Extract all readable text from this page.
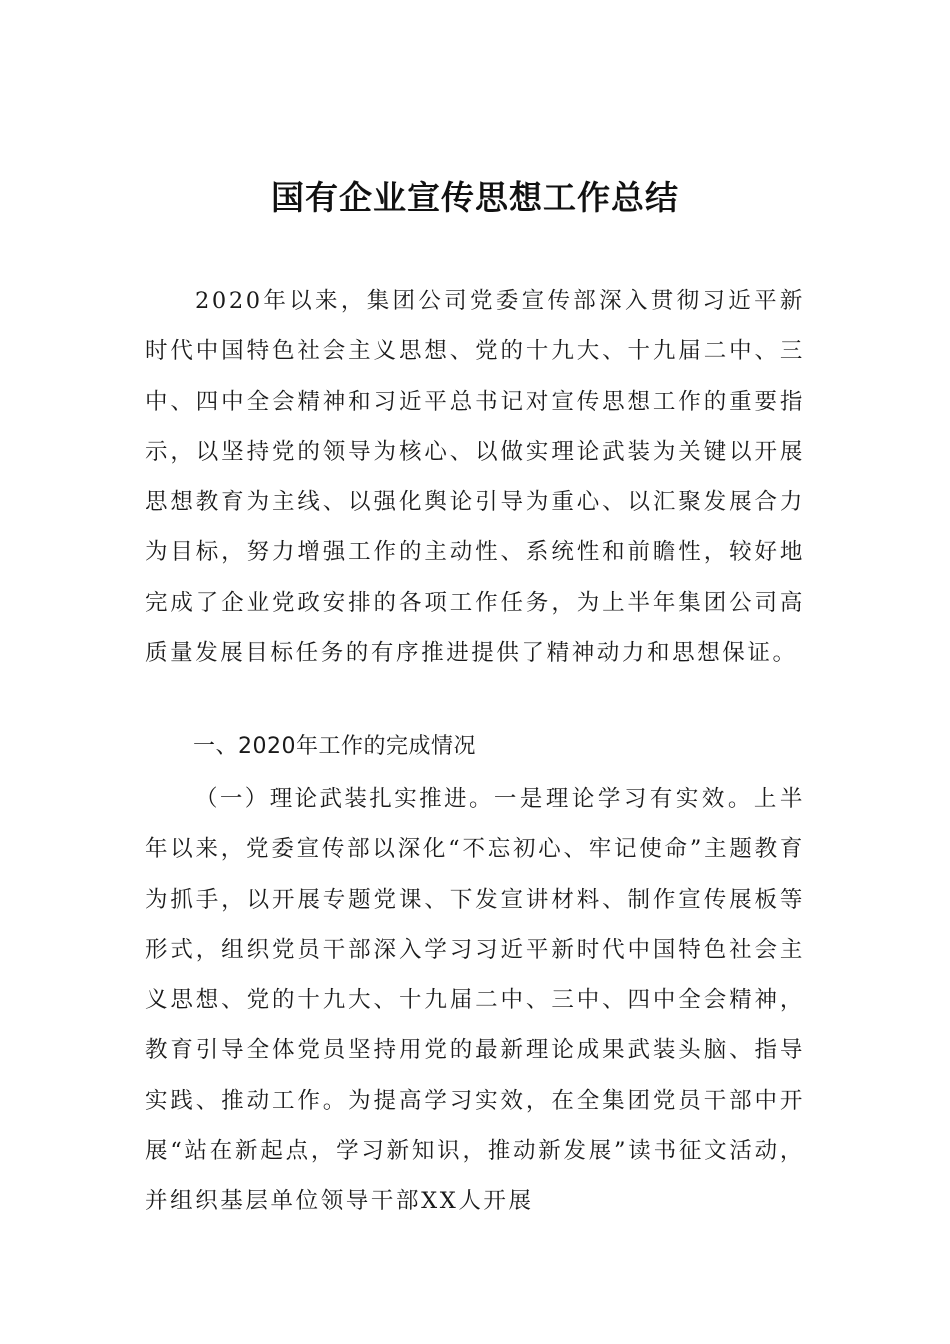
国有企业宣传思想工作总结

2020年以来，集团公司党委宣传部深入贯彻习近平新时代中国特色社会主义思想、党的十九大、十九届二中、三中、四中全会精神和习近平总书记对宣传思想工作的重要指示，以坚持党的领导为核心、以做实理论武装为关键以开展思想教育为主线、以强化舆论引导为重心、以汇聚发展合力为目标，努力增强工作的主动性、系统性和前瞻性，较好地完成了企业党政安排的各项工作任务，为上半年集团公司高质量发展目标任务的有序推进提供了精神动力和思想保证。

一、2020年工作的完成情况

（一）理论武装扎实推进。一是理论学习有实效。上半年以来，党委宣传部以深化“不忘初心、牢记使命”主题教育为抓手，以开展专题党课、下发宣讲材料、制作宣传展板等形式，组织党员干部深入学习习近平新时代中国特色社会主义思想、党的十九大、十九届二中、三中、四中全会精神，教育引导全体党员坚持用党的最新理论成果武装头脑、指导实践、推动工作。为提高学习实效，在全集团党员干部中开展“站在新起点，学习新知识，推动新发展”读书征文活动，并组织基层单位领导干部XX人开展
